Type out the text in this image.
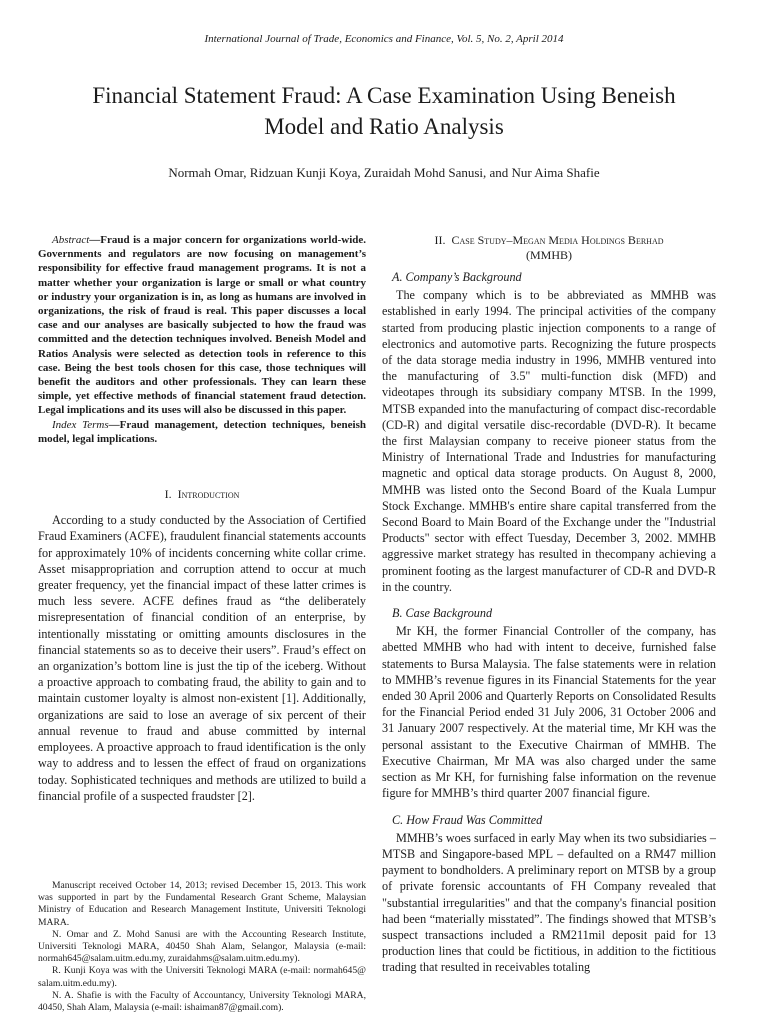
International Journal of Trade, Economics and Finance, Vol. 5, No. 2, April 2014
Financial Statement Fraud: A Case Examination Using Beneish Model and Ratio Analysis
Normah Omar, Ridzuan Kunji Koya, Zuraidah Mohd Sanusi, and Nur Aima Shafie

Abstract—Fraud is a major concern for organizations world-wide. Governments and regulators are now focusing on management’s responsibility for effective fraud management programs. It is not a matter whether your organization is large or small or what country or industry your organization is in, as long as humans are involved in organizations, the risk of fraud is real. This paper discusses a local case and our analyses are basically subjected to how the fraud was committed and the detection techniques involved. Beneish Model and Ratios Analysis were selected as detection tools in reference to this case. Being the best tools chosen for this case, those techniques will benefit the auditors and other professionals. They can learn these simple, yet effective methods of financial statement fraud detection. Legal implications and its uses will also be discussed in this paper.

Index Terms—Fraud management, detection techniques, beneish model, legal implications.

I. Introduction

According to a study conducted by the Association of Certified Fraud Examiners (ACFE), fraudulent financial statements accounts for approximately 10% of incidents concerning white collar crime. Asset misappropriation and corruption attend to occur at much greater frequency, yet the financial impact of these latter crimes is much less severe. ACFE defines fraud as “the deliberately misrepresentation of financial condition of an enterprise, by intentionally misstating or omitting amounts disclosures in the financial statements so as to deceive their users”. Fraud’s effect on an organization’s bottom line is just the tip of the iceberg. Without a proactive approach to combating fraud, the ability to gain and to maintain customer loyalty is almost non-existent [1]. Additionally, organizations are said to lose an average of six percent of their annual revenue to fraud and abuse committed by internal employees. A proactive approach to fraud identification is the only way to address and to lessen the effect of fraud on organizations today. Sophisticated techniques and methods are utilized to build a financial profile of a suspected fraudster [2].

Manuscript received October 14, 2013; revised December 15, 2013. This work was supported in part by the Fundamental Research Grant Scheme, Malaysian Ministry of Education and Research Management Institute, Universiti Teknologi MARA.

N. Omar and Z. Mohd Sanusi are with the Accounting Research Institute, Universiti Teknologi MARA, 40450 Shah Alam, Selangor, Malaysia (e-mail: normah645@salam.uitm.edu.my, zuraidahms@salam.uitm.edu.my).

R. Kunji Koya was with the Universiti Teknologi MARA (e-mail: normah645@ salam.uitm.edu.my).

N. A. Shafie is with the Faculty of Accountancy, University Teknologi MARA, 40450, Shah Alam, Malaysia (e-mail: ishaiman87@gmail.com).

II. Case Study–Megan Media Holdings Berhad
(MMHB)
A. Company’s Background

The company which is to be abbreviated as MMHB was established in early 1994. The principal activities of the company started from producing plastic injection components to a range of electronics and automotive parts. Recognizing the future prospects of the data storage media industry in 1996, MMHB ventured into the manufacturing of 3.5" multi-function disk (MFD) and videotapes through its subsidiary company MTSB. In the 1999, MTSB expanded into the manufacturing of compact disc-recordable (CD-R) and digital versatile disc-recordable (DVD-R). It became the first Malaysian company to receive pioneer status from the Ministry of International Trade and Industries for manufacturing magnetic and optical data storage products. On August 8, 2000, MMHB was listed onto the Second Board of the Kuala Lumpur Stock Exchange. MMHB's entire share capital transferred from the Second Board to Main Board of the Exchange under the "Industrial Products" sector with effect Tuesday, December 3, 2002. MMHB aggressive market strategy has resulted in thecompany achieving a prominent footing as the largest manufacturer of CD-R and DVD-R in the country.

B. Case Background

Mr KH, the former Financial Controller of the company, has abetted MMHB who had with intent to deceive, furnished false statements to Bursa Malaysia. The false statements were in relation to MMHB’s revenue figures in its Financial Statements for the year ended 30 April 2006 and Quarterly Reports on Consolidated Results for the Financial Period ended 31 July 2006, 31 October 2006 and 31 January 2007 respectively. At the material time, Mr KH was the personal assistant to the Executive Chairman of MMHB. The Executive Chairman, Mr MA was also charged under the same section as Mr KH, for furnishing false information on the revenue figure for MMHB’s third quarter 2007 financial figure.

C. How Fraud Was Committed

MMHB’s woes surfaced in early May when its two subsidiaries – MTSB and Singapore-based MPL – defaulted on a RM47 million payment to bondholders. A preliminary report on MTSB by a group of private forensic accountants of FH Company revealed that "substantial irregularities" and that the company's financial position had been “materially misstated”. The findings showed that MTSB’s suspect transactions included a RM211mil deposit paid for 13 production lines that could be fictitious, in addition to the fictitious trading that resulted in receivables totaling
